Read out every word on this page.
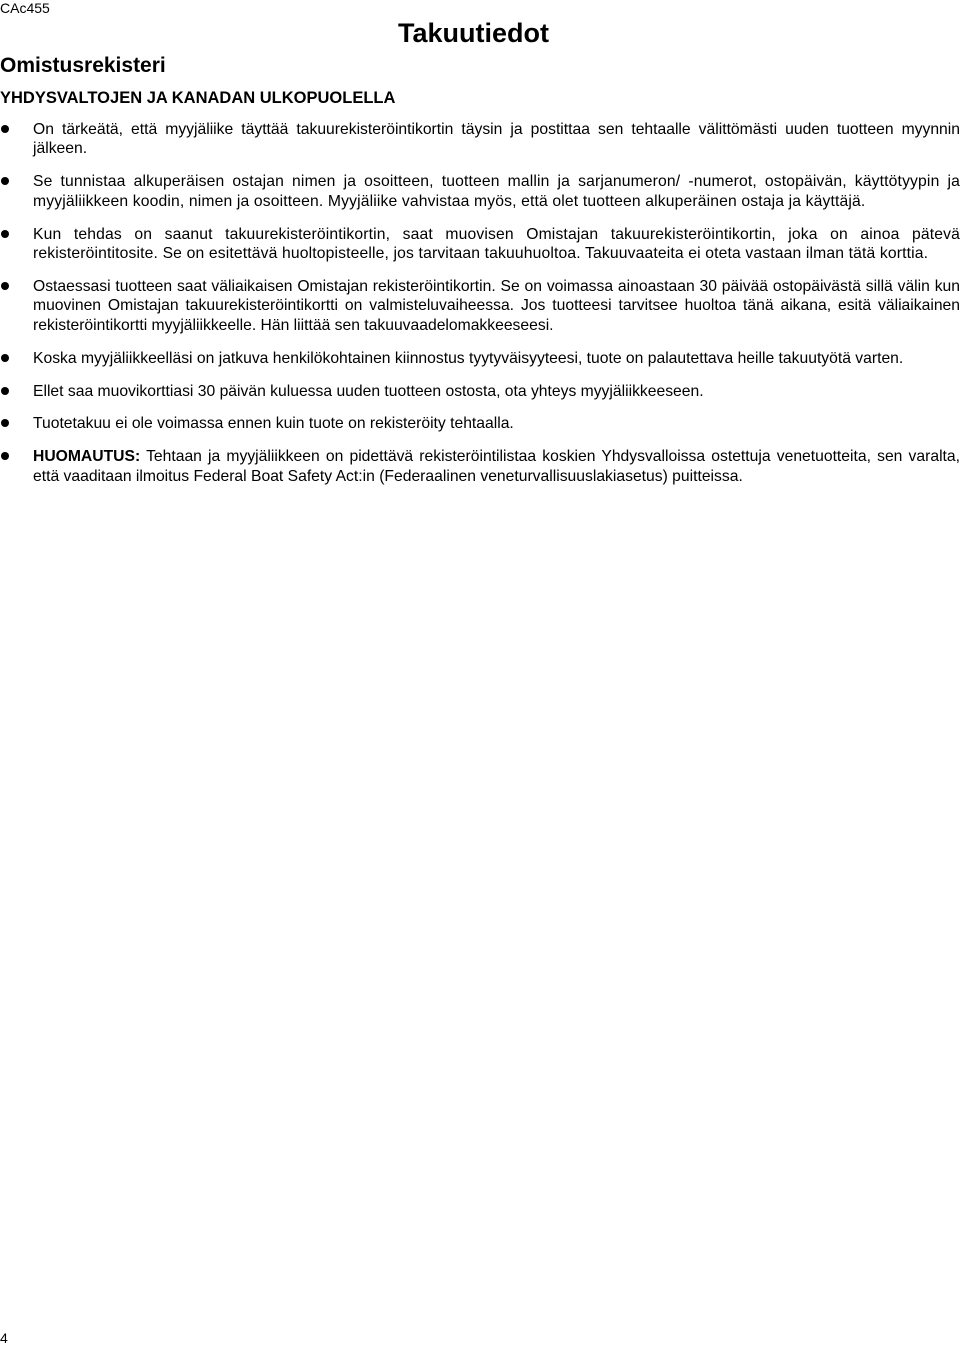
CAc455
Takuutiedot
Omistusrekisteri
YHDYSVALTOJEN JA KANADAN ULKOPUOLELLA
On tärkeätä, että myyjäliike täyttää takuurekisteröintikortin täysin ja postittaa sen tehtaalle välittömästi uuden tuotteen myynnin jälkeen.
Se tunnistaa alkuperäisen ostajan nimen ja osoitteen, tuotteen mallin ja sarjanumeron/ -numerot, ostopäivän, käyttötyypin ja myyjäliikkeen koodin, nimen ja osoitteen. Myyjäliike vahvistaa myös, että olet tuotteen alkuperäinen ostaja ja käyttäjä.
Kun tehdas on saanut takuurekisteröintikortin, saat muovisen Omistajan takuurekisteröintikortin, joka on ainoa pätevä rekisteröintitosite. Se on esitettävä huoltopisteelle, jos tarvitaan takuuhuoltoa. Takuuvaateita ei oteta vastaan ilman tätä korttia.
Ostaessasi tuotteen saat väliaikaisen Omistajan rekisteröintikortin. Se on voimassa ainoastaan 30 päivää ostopäivästä sillä välin kun muovinen Omistajan takuurekisteröintikortti on valmisteluvaiheessa. Jos tuotteesi tarvitsee huoltoa tänä aikana, esitä väliaikainen rekisteröintikortti myyjäliikkeelle. Hän liittää sen takuuvaadelomakkeeseesi.
Koska myyjäliikkeelläsi on jatkuva henkilökohtainen kiinnostus tyytyväisyyteesi, tuote on palautettava heille takuutyötä varten.
Ellet saa muovikorttiasi 30 päivän kuluessa uuden tuotteen ostosta, ota yhteys myyjäliikkeeseen.
Tuotetakuu ei ole voimassa ennen kuin tuote on rekisteröity tehtaalla.
HUOMAUTUS: Tehtaan ja myyjäliikkeen on pidettävä rekisteröintilistaa koskien Yhdysvalloissa ostettuja venetuotteita, sen varalta, että vaaditaan ilmoitus Federal Boat Safety Act:in (Federaalinen veneturvallisuuslakiasetus) puitteissa.
4
